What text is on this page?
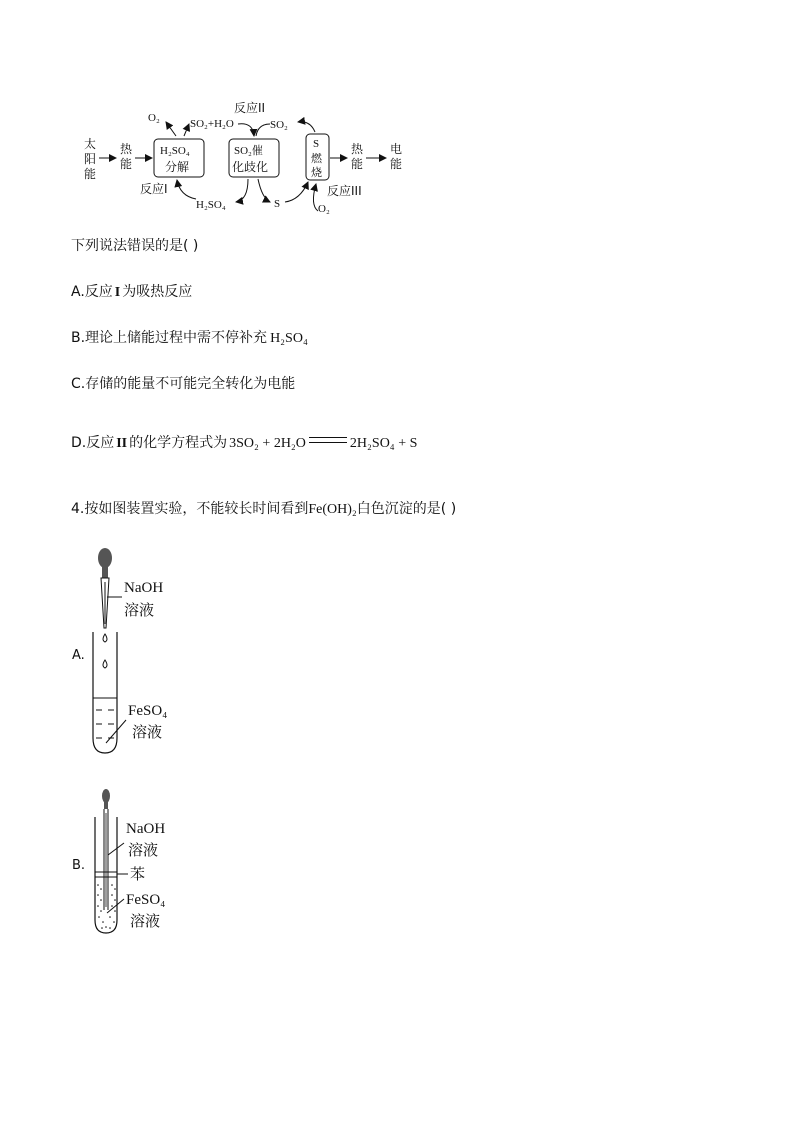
太
阳
能
热
能
H₂SO₄
分解
SO₂催
化歧化
S
燃
烧
热
能
电
能
O₂	SO₂+H₂O
反应II
SO₂
反应I
H₂SO₄	S
反应III
O₂
下列说法错误的是( )
A.反应 I 为吸热反应
B.理论上储能过程中需不停补充 H₂SO₄
C.存储的能量不可能完全转化为电能
D.反应 II 的化学方程式为 3SO₂ + 2H₂O	2H₂SO₄ + S
4.按如图装置实验，不能较长时间看到Fe(OH)₂白色沉淀的是( )
A.
NaOH
溶液
FeSO₄
溶液
B.
NaOH
溶液
苯
FeSO₄
溶液
